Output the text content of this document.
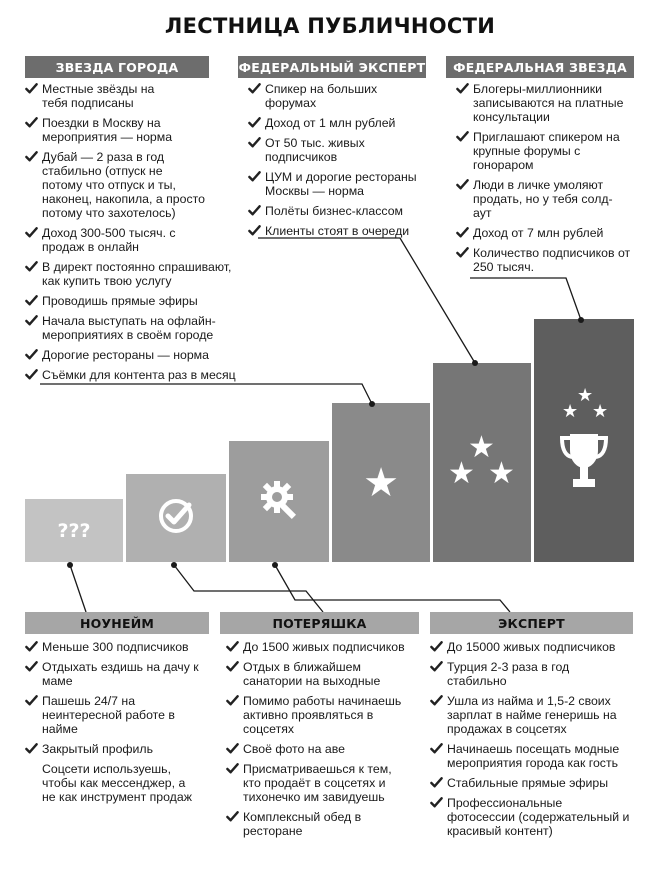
ЛЕСТНИЦА ПУБЛИЧНОСТИ
ЗВЕЗДА ГОРОДА	ФЕДЕРАЛЬНЫЙ ЭКСПЕРТ	ФЕДЕРАЛЬНАЯ ЗВЕЗДА
Местные звёзды на тебя подписаны
Поездки в Москву на мероприятия — норма
Дубай — 2 раза в год стабильно (отпуск не потому что отпуск и ты, наконец, накопила, а просто потому что захотелось)
Доход 300-500 тысяч. с продаж в онлайн
В директ постоянно спрашивают, как купить твою услугу
Проводишь прямые эфиры
Начала выступать на офлайн-мероприятиях в своём городе
Дорогие рестораны — норма
Съёмки для контента раз в месяц
Спикер на больших форумах
Доход от 1 млн рублей
От 50 тыс. живых подписчиков
ЦУМ и дорогие рестораны Москвы — норма
Полёты бизнес-классом
Клиенты стоят в очереди
Блогеры-миллионники записываются на платные консультации
Приглашают спикером на крупные форумы с гонораром
Люди в личке умоляют продать, но у тебя солд-аут
Доход от 7 млн рублей
Количество подписчиков от 250 тысяч.
???
★
★
★ ★
★
★ ★
НОУНЕЙМ	ПОТЕРЯШКА	ЭКСПЕРТ
Меньше 300 подписчиков
Отдыхать ездишь на дачу к маме
Пашешь 24/7 на неинтересной работе в найме
Закрытый профиль
Соцсети используешь, чтобы как мессенджер, а не как инструмент продаж
До 1500 живых подписчиков
Отдых в ближайшем санатории на выходные
Помимо работы начинаешь активно проявляться в соцсетях
Своё фото на аве
Присматриваешься к тем, кто продаёт в соцсетях и тихонечко им завидуешь
Комплексный обед в ресторане
До 15000 живых подписчиков
Турция 2-3 раза в год стабильно
Ушла из найма и 1,5-2 своих зарплат в найме генеришь на продажах в соцсетях
Начинаешь посещать модные мероприятия города как гость
Стабильные прямые эфиры
Профессиональные фотосессии (содержательный и красивый контент)
